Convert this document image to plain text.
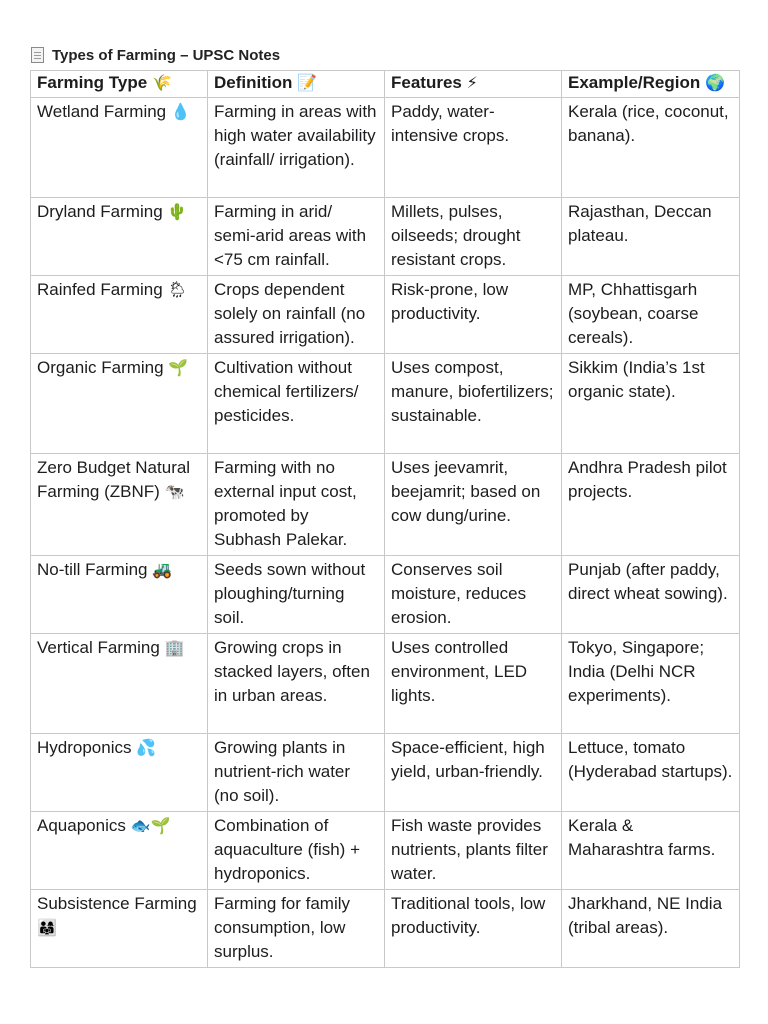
Types of Farming – UPSC Notes
Farming Type 🌾	Definition 📝	Features ⚡	Example/Region 🌍
Wetland Farming 💧	Farming in areas with high water availability (rainfall/ irrigation).	Paddy, water-intensive crops.	Kerala (rice, coconut, banana).
Dryland Farming 🌵	Farming in arid/ semi-arid areas with <75 cm rainfall.	Millets, pulses, oilseeds; drought resistant crops.	Rajasthan, Deccan plateau.
Rainfed Farming 🌦	Crops dependent solely on rainfall (no assured irrigation).	Risk-prone, low productivity.	MP, Chhattisgarh (soybean, coarse cereals).
Organic Farming 🌱	Cultivation without chemical fertilizers/ pesticides.	Uses compost, manure, biofertilizers; sustainable.	Sikkim (India’s 1st organic state).
Zero Budget Natural Farming (ZBNF) 🐄	Farming with no external input cost, promoted by Subhash Palekar.	Uses jeevamrit, beejamrit; based on cow dung/urine.	Andhra Pradesh pilot projects.
No-till Farming 🚜	Seeds sown without ploughing/turning soil.	Conserves soil moisture, reduces erosion.	Punjab (after paddy, direct wheat sowing).
Vertical Farming 🏢	Growing crops in stacked layers, often in urban areas.	Uses controlled environment, LED lights.	Tokyo, Singapore; India (Delhi NCR experiments).
Hydroponics 💦	Growing plants in nutrient-rich water (no soil).	Space-efficient, high yield, urban-friendly.	Lettuce, tomato (Hyderabad startups).
Aquaponics 🐟🌱	Combination of aquaculture (fish) + hydroponics.	Fish waste provides nutrients, plants filter water.	Kerala & Maharashtra farms.
Subsistence Farming 👨‍👩‍👧	Farming for family consumption, low surplus.	Traditional tools, low productivity.	Jharkhand, NE India (tribal areas).
